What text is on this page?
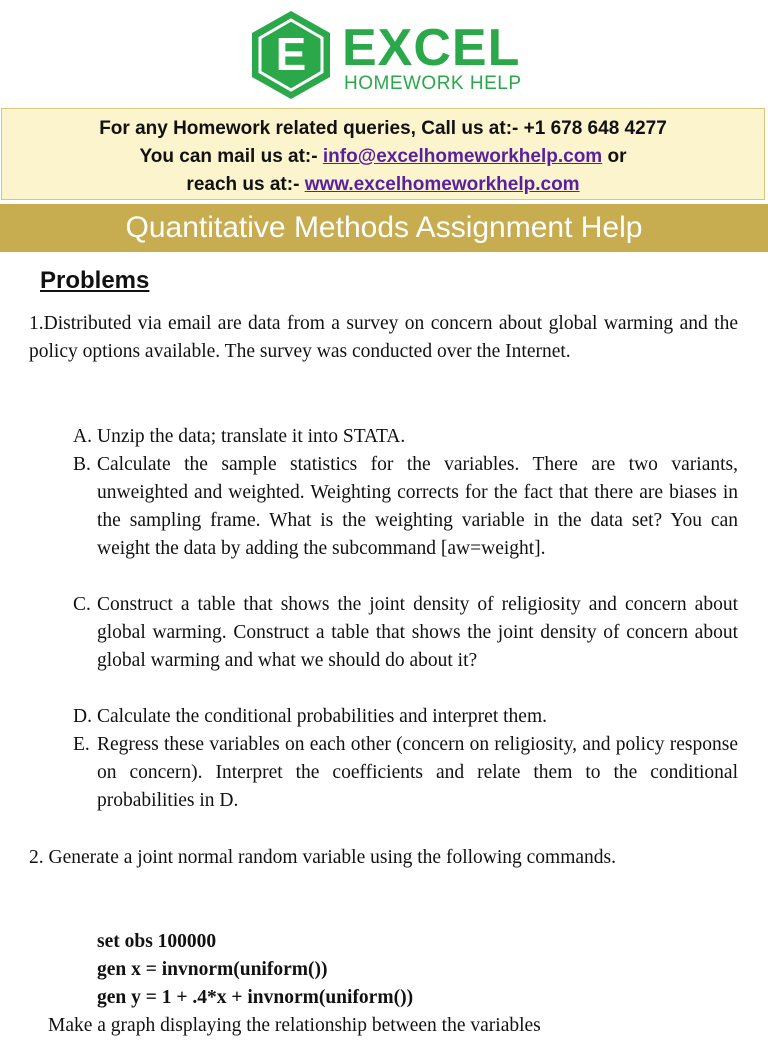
E EXCEL
HOMEWORK HELP
For any Homework related queries, Call us at:- +1 678 648 4277
You can mail us at:- info@excelhomeworkhelp.com or
reach us at:- www.excelhomeworkhelp.com
Quantitative Methods Assignment Help
Problems
1.Distributed via email are data from a survey on concern about global warming and the policy options available. The survey was conducted over the Internet.
A. Unzip the data; translate it into STATA.
B. Calculate the sample statistics for the variables. There are two variants, unweighted and weighted. Weighting corrects for the fact that there are biases in the sampling frame. What is the weighting variable in the data set? You can weight the data by adding the subcommand [aw=weight].
C. Construct a table that shows the joint density of religiosity and concern about global warming. Construct a table that shows the joint density of concern about global warming and what we should do about it?
D. Calculate the conditional probabilities and interpret them.
E. Regress these variables on each other (concern on religiosity, and policy response on concern). Interpret the coefficients and relate them to the conditional probabilities in D.
2. Generate a joint normal random variable using the following commands.
set obs 100000
gen x = invnorm(uniform())
gen y = 1 + .4*x + invnorm(uniform())
Make a graph displaying the relationship between the variables
